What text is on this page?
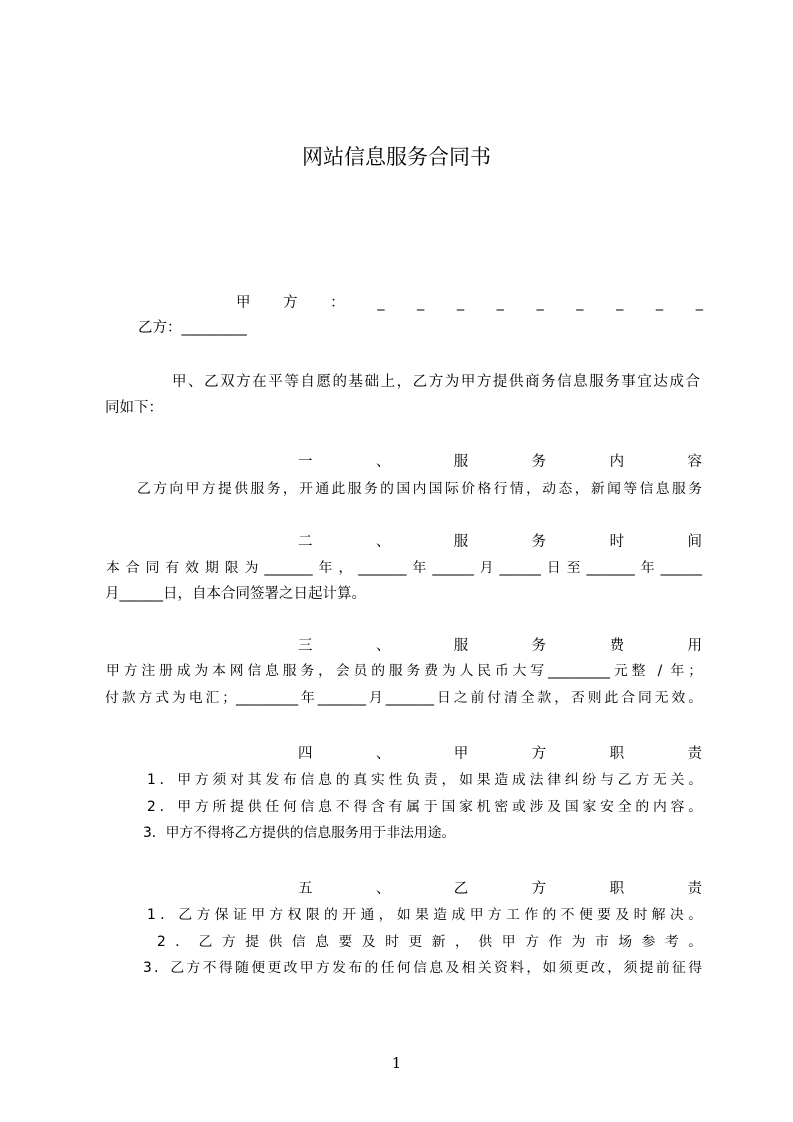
网站信息服务合同书
甲 方 ： _ _ _ _ _ _ _ _ _
乙方：_________
甲、乙双方在平等自愿的基础上，乙方为甲方提供商务信息服务事宜达成合
同如下：
一	、	服	务	内	容
乙方向甲方提供服务，开通此服务的国内国际价格行情，动态，新闻等信息服务
二	、	服	务	时	间
本合同有效期限为_______年，_______年______月______日至_______年______
月______日，自本合同签署之日起计算。
三	、	服	务	费	用
甲方注册成为本网信息服务，会员的服务费为人民币大写_________元整 / 年；
付款方式为电汇；_________年_______月_______日之前付清全款，否则此合同无效。
四	、	甲	方	职	责
1．甲方须对其发布信息的真实性负责，如果造成法律纠纷与乙方无关。
2．甲方所提供任何信息不得含有属于国家机密或涉及国家安全的内容。
3．甲方不得将乙方提供的信息服务用于非法用途。
五	、	乙	方	职	责
1．乙方保证甲方权限的开通，如果造成甲方工作的不便要及时解决。
2．乙方提供信息要及时更新，供甲方作为市场参考。
3．乙方不得随便更改甲方发布的任何信息及相关资料，如须更改，须提前征得
1
